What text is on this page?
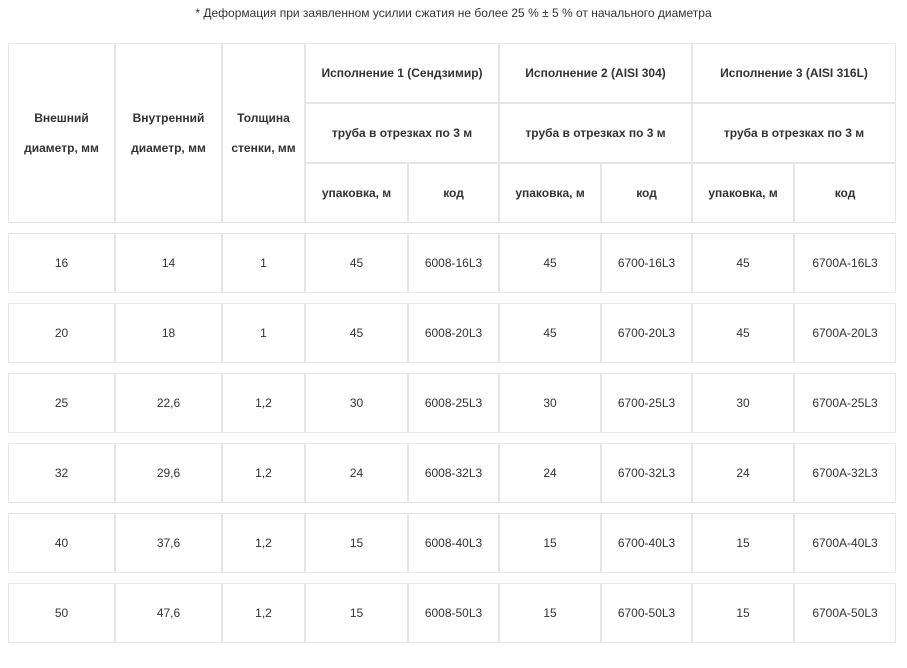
* Деформация при заявленном усилии сжатия не более 25 % ± 5 % от начального диаметра
Внешний диаметр, мм	Внутренний диаметр, мм	Толщина стенки, мм	Исполнение 1 (Сендзимир)		Исполнение 2 (AISI 304)		Исполнение 3 (AISI 316L)	
			труба в отрезках по 3 м		труба в отрезках по 3 м		труба в отрезках по 3 м	
			упаковка, м	код	упаковка, м	код	упаковка, м	код

16	14	1	45	6008-16L3	45	6700-16L3	45	6700A-16L3

20	18	1	45	6008-20L3	45	6700-20L3	45	6700A-20L3

25	22,6	1,2	30	6008-25L3	30	6700-25L3	30	6700A-25L3

32	29,6	1,2	24	6008-32L3	24	6700-32L3	24	6700A-32L3

40	37,6	1,2	15	6008-40L3	15	6700-40L3	15	6700A-40L3

50	47,6	1,2	15	6008-50L3	15	6700-50L3	15	6700A-50L3
